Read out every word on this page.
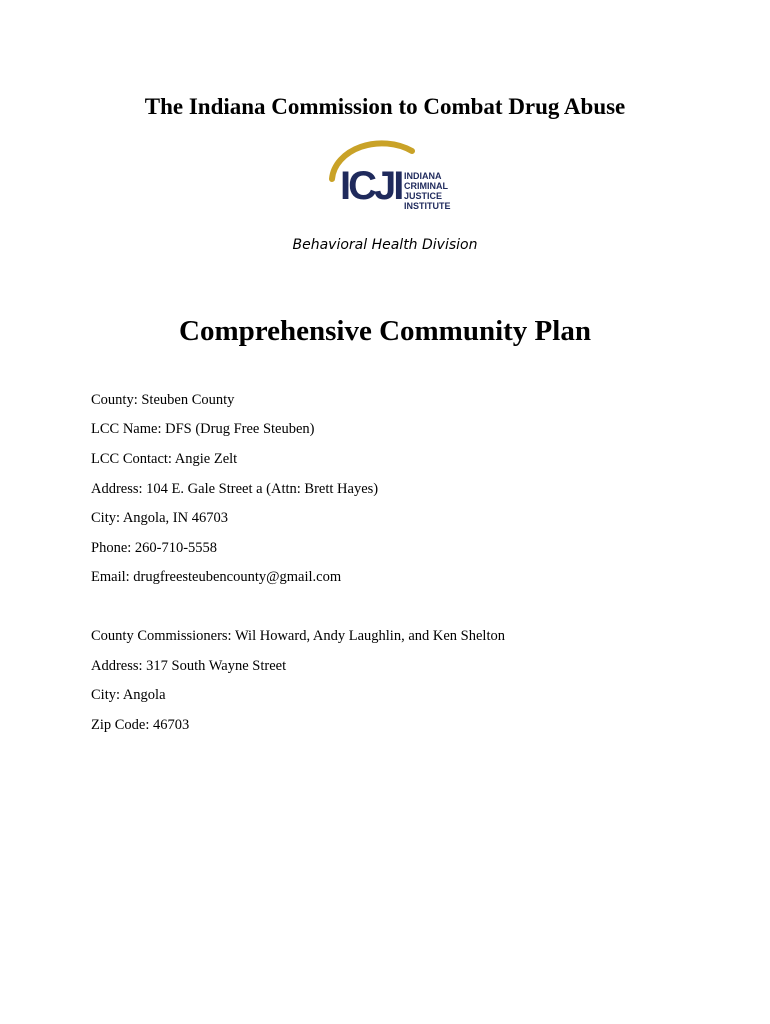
The Indiana Commission to Combat Drug Abuse
ICJI INDIANA
CRIMINAL
JUSTICE
INSTITUTE
Behavioral Health Division
Comprehensive Community Plan
County: Steuben County
LCC Name: DFS (Drug Free Steuben)
LCC Contact: Angie Zelt
Address: 104 E. Gale Street a (Attn: Brett Hayes)
City: Angola, IN 46703
Phone: 260-710-5558
Email: drugfreesteubencounty@gmail.com
County Commissioners: Wil Howard, Andy Laughlin, and Ken Shelton
Address: 317 South Wayne Street
City: Angola
Zip Code: 46703
